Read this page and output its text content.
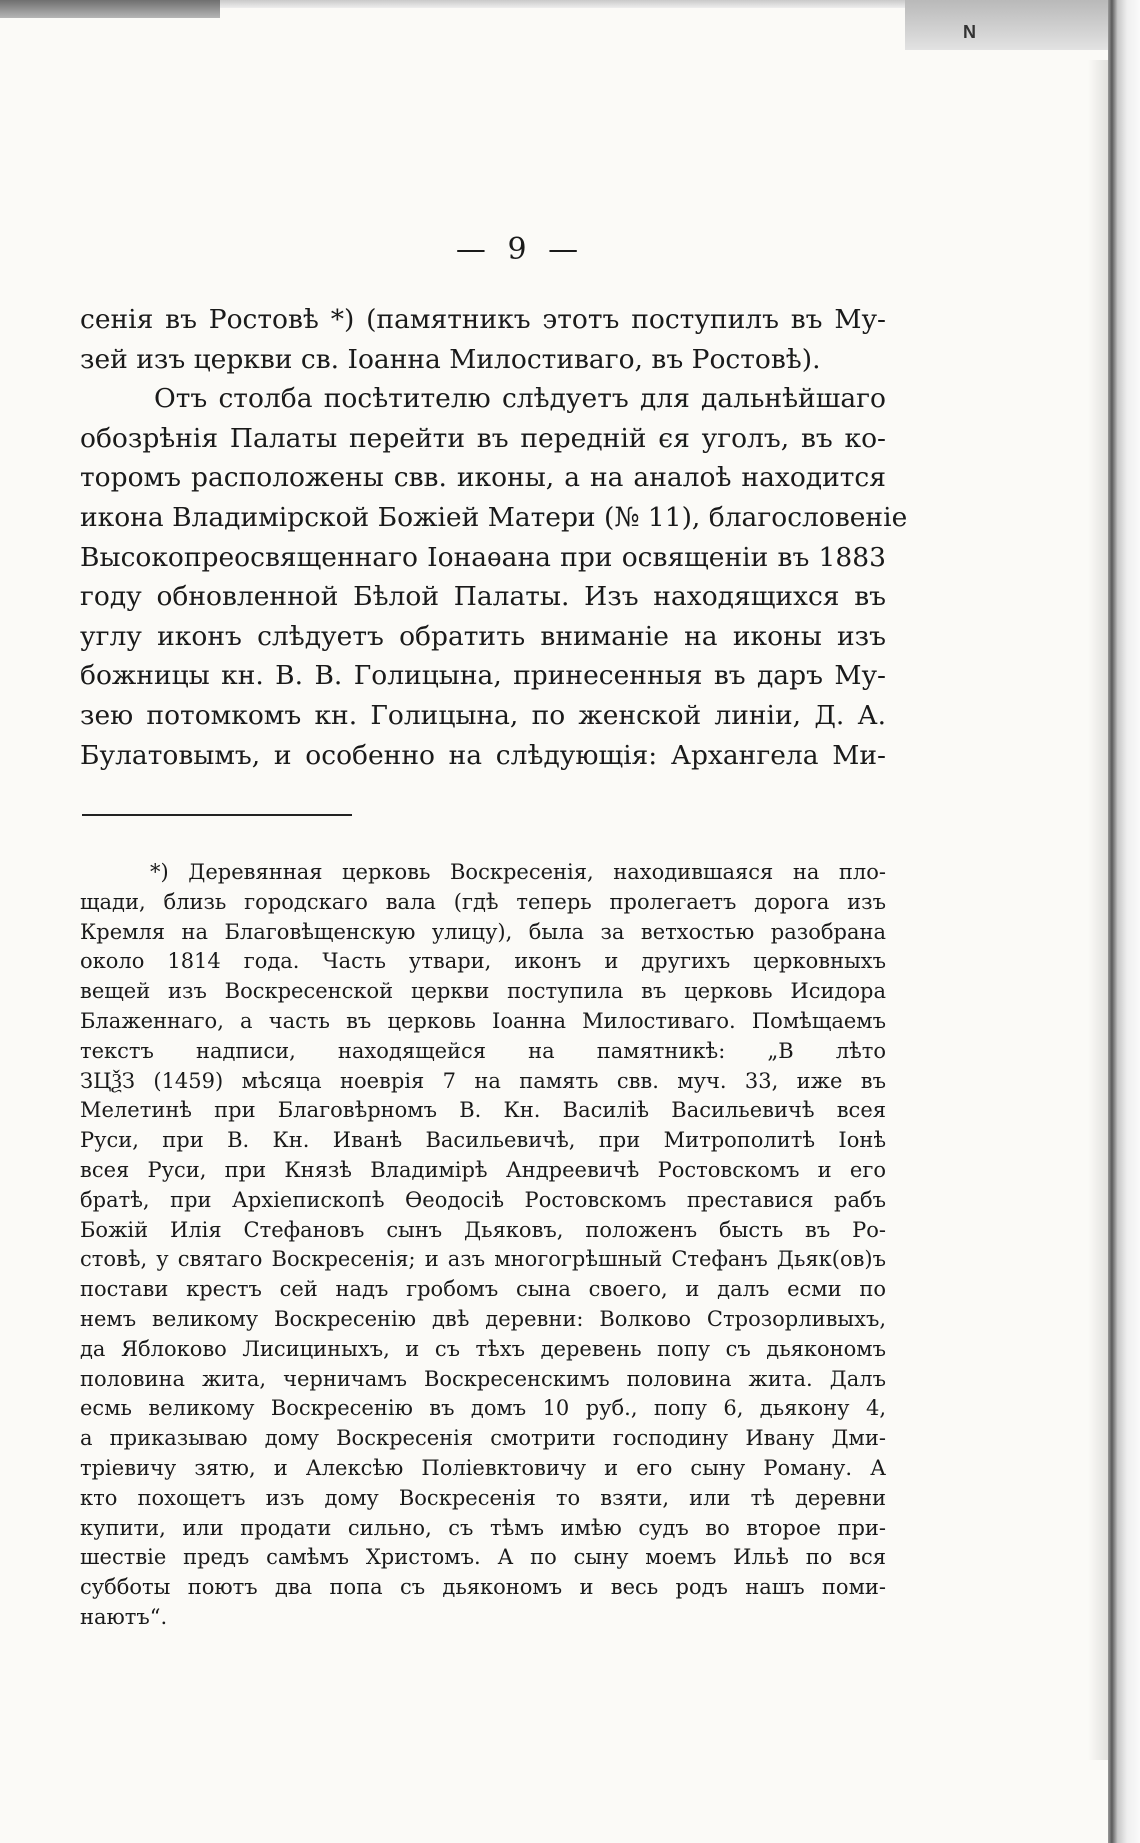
N
— 9 —
сенія въ Ростовѣ *) (памятникъ этотъ поступилъ въ Му-
зей изъ церкви св. Іоанна Милостиваго, въ Ростовѣ).
Отъ столба посѣтителю слѣдуетъ для дальнѣйшаго
обозрѣнія Палаты перейти въ передній єя уголъ, въ ко-
торомъ расположены свв. иконы, а на аналоѣ находится
икона Владимірской Божіей Матери (№ 11), благословеніе
Высокопреосвященнаго Іонаѳана при освященіи въ 1883
году обновленной Бѣлой Палаты. Изъ находящихся въ
углу иконъ слѣдуетъ обратить вниманіе на иконы изъ
божницы кн. В. В. Голицына, принесенныя въ даръ Му-
зею потомкомъ кн. Голицына, по женской линіи, Д. А.
Булатовымъ, и особенно на слѣдующія: Архангела Ми-
*) Деревянная церковь Воскресенія, находившаяся на пло-
щади, близь городскаго вала (гдѣ теперь пролегаетъ дорога изъ
Кремля на Благовѣщенскую улицу), была за ветхостью разобрана
около 1814 года. Часть утвари, иконъ и другихъ церковныхъ
вещей изъ Воскресенской церкви поступила въ церковь Исидора
Блаженнаго, а часть въ церковь Іоанна Милостиваго. Помѣщаемъ
текстъ надписи, находящейся на памятникѣ: „В лѣто
ЗЦѮЗ (1459) мѣсяца ноеврія 7 на память свв. муч. 33, иже въ
Мелетинѣ при Благовѣрномъ В. Кн. Василіѣ Васильевичѣ всея
Руси, при В. Кн. Иванѣ Васильевичѣ, при Митрополитѣ Іонѣ
всея Руси, при Князѣ Владимірѣ Андреевичѣ Ростовскомъ и его
братѣ, при Архіепископѣ Ѳеодосіѣ Ростовскомъ преставися рабъ
Божій Илія Стефановъ сынъ Дьяковъ, положенъ бысть въ Ро-
стовѣ, у святаго Воскресенія; и азъ многогрѣшный Стефанъ Дьяк(ов)ъ
постави крестъ сей надъ гробомъ сына своего, и далъ есми по
немъ великому Воскресенію двѣ деревни: Волково Строзорливыхъ,
да Яблоково Лисициныхъ, и съ тѣхъ деревень попу съ дьякономъ
половина жита, черничамъ Воскресенскимъ половина жита. Далъ
есмь великому Воскресенію въ домъ 10 руб., попу 6, дьякону 4,
а приказываю дому Воскресенія смотрити господину Ивану Дми-
тріевичу зятю, и Алексѣю Поліевктовичу и его сыну Роману. А
кто похощетъ изъ дому Воскресенія то взяти, или тѣ деревни
купити, или продати сильно, съ тѣмъ имѣю судъ во второе при-
шествіе предъ самѣмъ Христомъ. А по сыну моемъ Ильѣ по вся
субботы поютъ два попа съ дьякономъ и весь родъ нашъ поми-
наютъ“.
